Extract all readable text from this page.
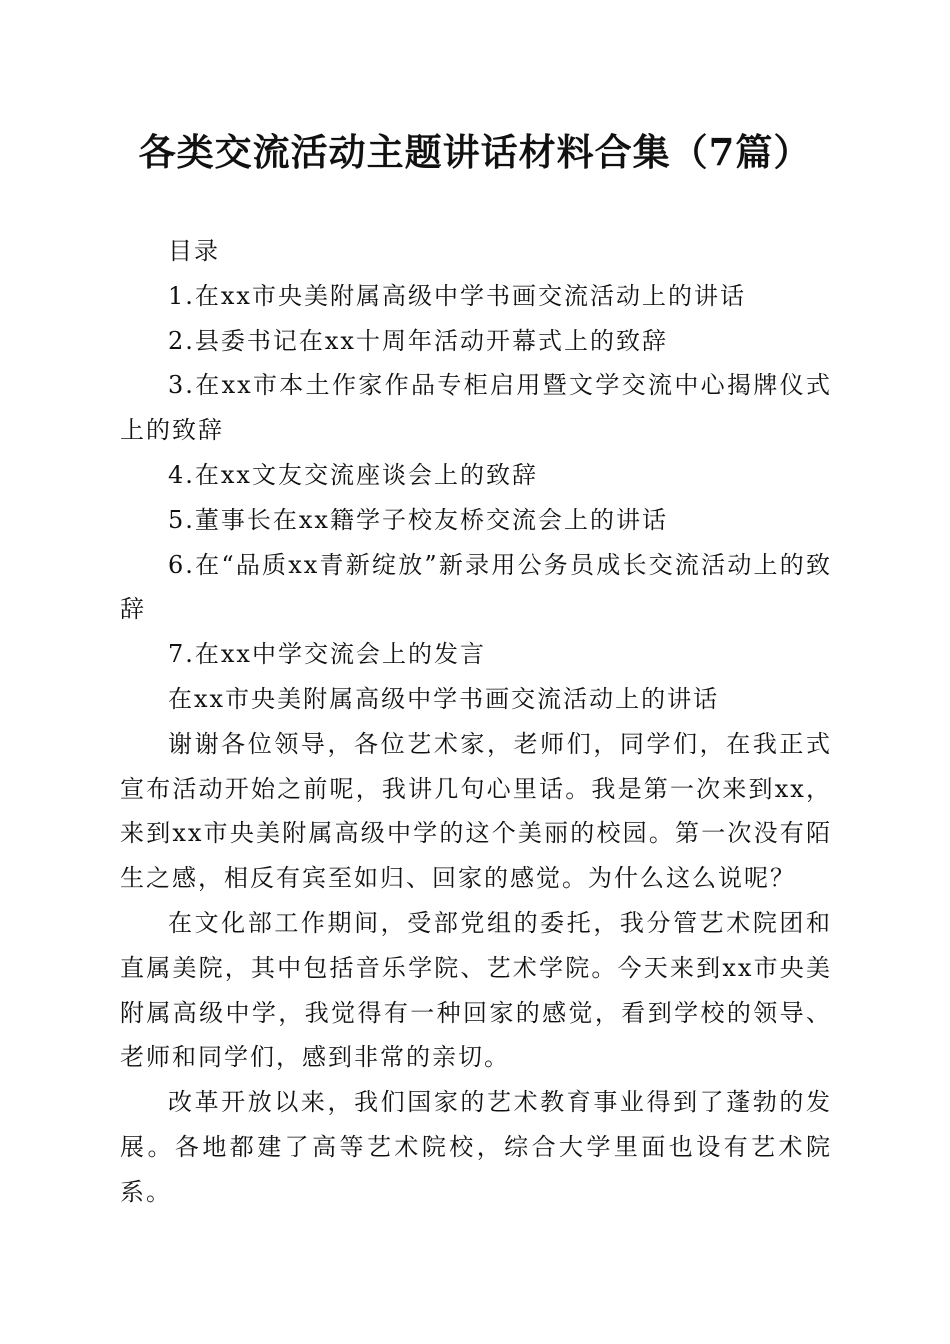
各类交流活动主题讲话材料合集（7篇）

目录

1.在xx市央美附属高级中学书画交流活动上的讲话

2.县委书记在xx十周年活动开幕式上的致辞

3.在xx市本土作家作品专柜启用暨文学交流中心揭牌仪式上的致辞

4.在xx文友交流座谈会上的致辞

5.董事长在xx籍学子校友桥交流会上的讲话

6.在“品质xx青新绽放”新录用公务员成长交流活动上的致辞

7.在xx中学交流会上的发言

在xx市央美附属高级中学书画交流活动上的讲话

谢谢各位领导，各位艺术家，老师们，同学们，在我正式宣布活动开始之前呢，我讲几句心里话。我是第一次来到xx，来到xx市央美附属高级中学的这个美丽的校园。第一次没有陌生之感，相反有宾至如归、回家的感觉。为什么这么说呢？

在文化部工作期间，受部党组的委托，我分管艺术院团和直属美院，其中包括音乐学院、艺术学院。今天来到xx市央美附属高级中学，我觉得有一种回家的感觉，看到学校的领导、老师和同学们，感到非常的亲切。

改革开放以来，我们国家的艺术教育事业得到了蓬勃的发展。各地都建了高等艺术院校，综合大学里面也设有艺术院系。
